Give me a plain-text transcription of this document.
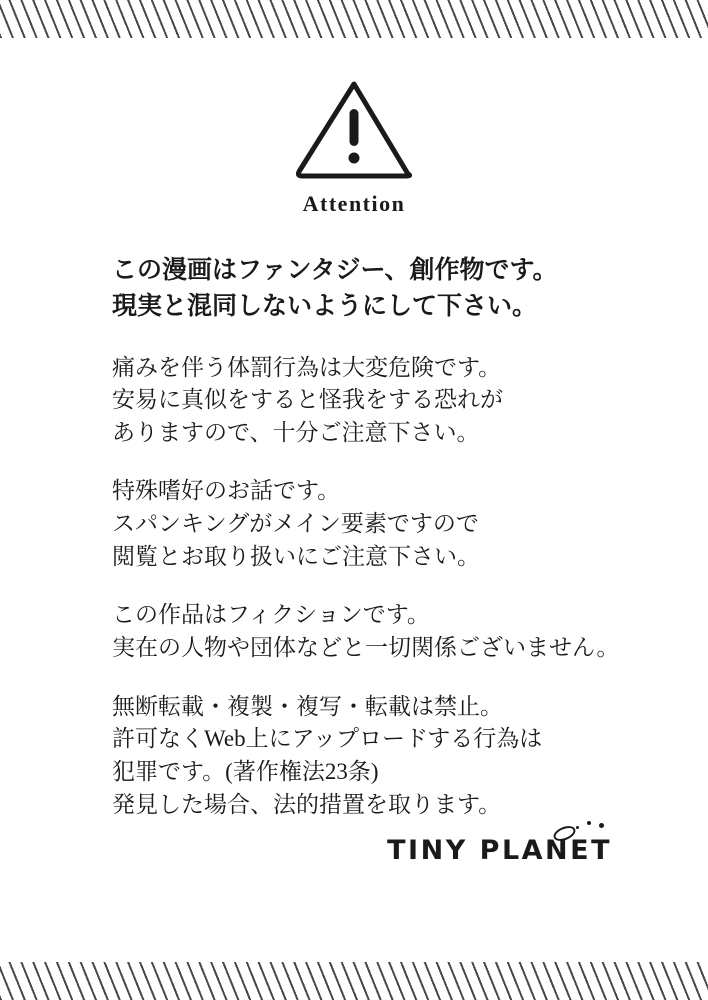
Attention
この漫画はファンタジー、創作物です。
現実と混同しないようにして下さい。
痛みを伴う体罰行為は大変危険です。
安易に真似をすると怪我をする恐れが
ありますので、十分ご注意下さい。
特殊嗜好のお話です。
スパンキングがメイン要素ですので
閲覧とお取り扱いにご注意下さい。
この作品はフィクションです。
実在の人物や団体などと一切関係ございません。
無断転載・複製・複写・転載は禁止。
許可なくWeb上にアップロードする行為は
犯罪です。(著作権法23条)
発見した場合、法的措置を取ります。
TINY PLANET
